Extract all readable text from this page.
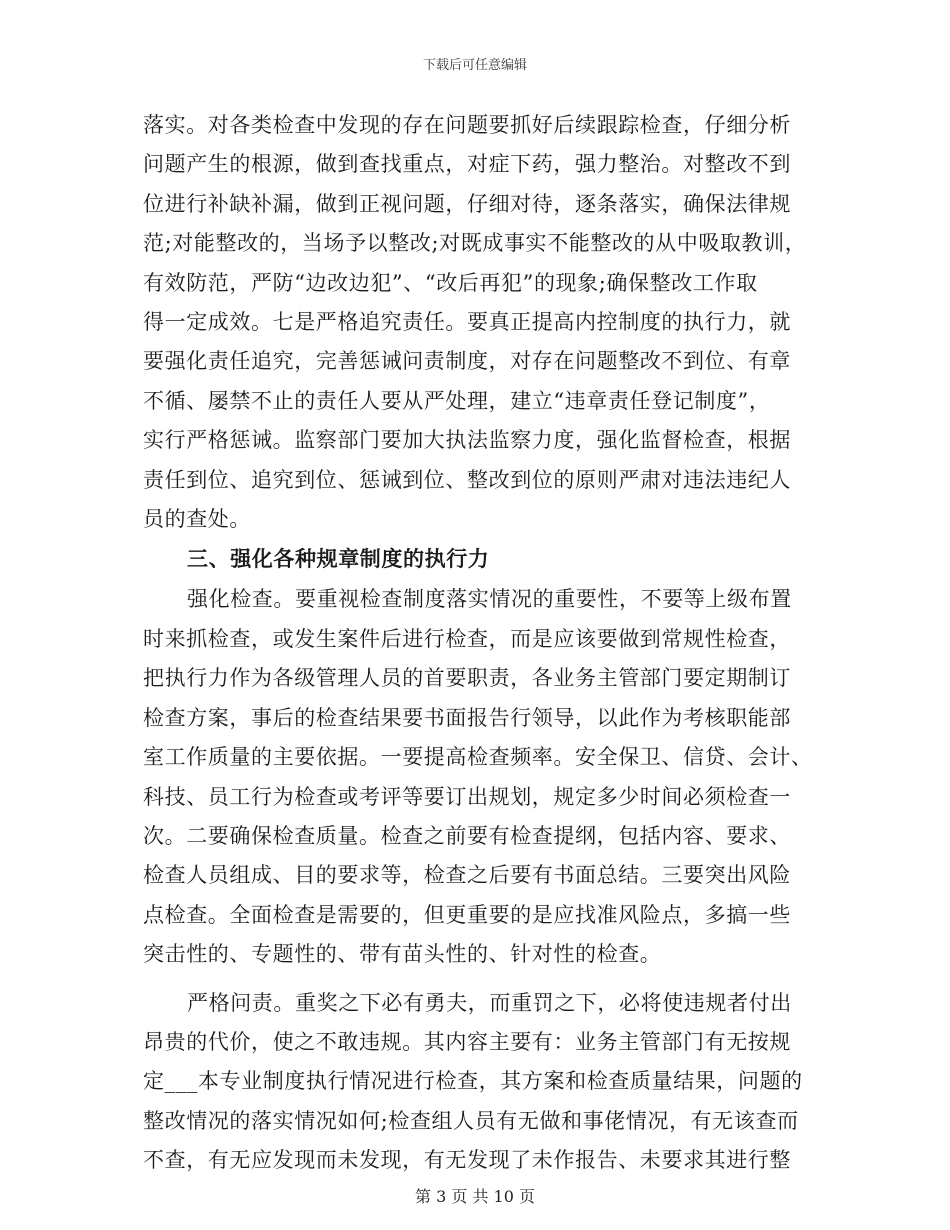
下载后可任意编辑
落实。对各类检查中发现的存在问题要抓好后续跟踪检查，仔细分析
问题产生的根源，做到查找重点，对症下药，强力整治。对整改不到
位进行补缺补漏，做到正视问题，仔细对待，逐条落实，确保法律规
范;对能整改的，当场予以整改;对既成事实不能整改的从中吸取教训，
有效防范，严防“边改边犯”、“改后再犯”的现象;确保整改工作取
得一定成效。七是严格追究责任。要真正提高内控制度的执行力，就
要强化责任追究，完善惩诫问责制度，对存在问题整改不到位、有章
不循、屡禁不止的责任人要从严处理，建立“违章责任登记制度”，
实行严格惩诫。监察部门要加大执法监察力度，强化监督检查，根据
责任到位、追究到位、惩诫到位、整改到位的原则严肃对违法违纪人
员的查处。
三、强化各种规章制度的执行力
强化检查。要重视检查制度落实情况的重要性，不要等上级布置
时来抓检查，或发生案件后进行检查，而是应该要做到常规性检查，
把执行力作为各级管理人员的首要职责，各业务主管部门要定期制订
检查方案，事后的检查结果要书面报告行领导，以此作为考核职能部
室工作质量的主要依据。一要提高检查频率。安全保卫、信贷、会计、
科技、员工行为检查或考评等要订出规划，规定多少时间必须检查一
次。二要确保检查质量。检查之前要有检查提纲，包括内容、要求、
检查人员组成、目的要求等，检查之后要有书面总结。三要突出风险
点检查。全面检查是需要的，但更重要的是应找准风险点，多搞一些
突击性的、专题性的、带有苗头性的、针对性的检查。
严格问责。重奖之下必有勇夫，而重罚之下，必将使违规者付出
昂贵的代价，使之不敢违规。其内容主要有：业务主管部门有无按规
定___本专业制度执行情况进行检查，其方案和检查质量结果，问题的
整改情况的落实情况如何;检查组人员有无做和事佬情况，有无该查而
不查，有无应发现而未发现，有无发现了未作报告、未要求其进行整
第 3 页 共 10 页
